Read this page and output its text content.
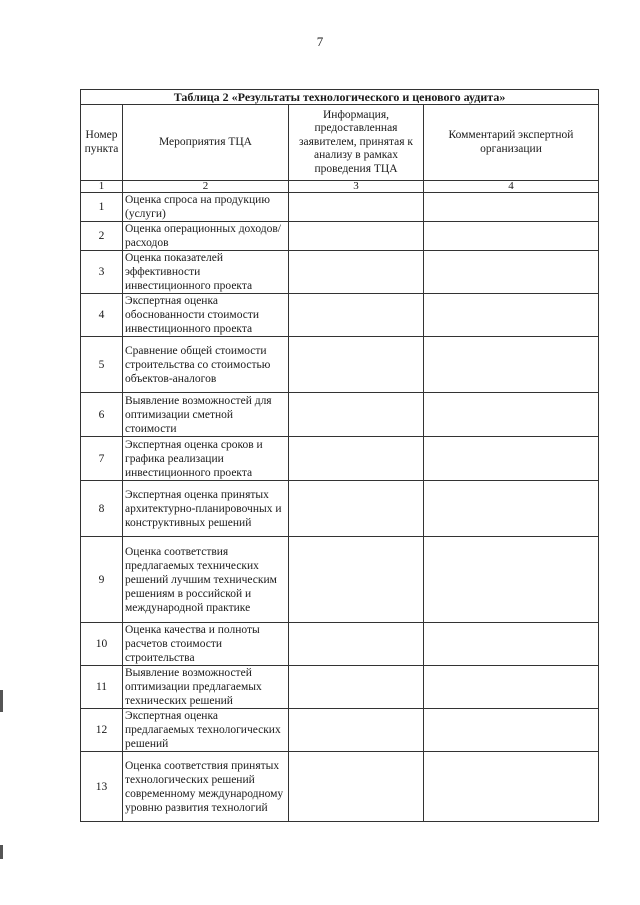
7
Таблица 2 «Результаты технологического и ценового аудита»			
Номер пункта	Мероприятия ТЦА	Информация, предоставленная заявителем, принятая к анализу в рамках проведения ТЦА	Комментарий экспертной организации
1	2	3	4
1	Оценка спроса на продукцию (услуги)		
2	Оценка операционных доходов/расходов		
3	Оценка показателей эффективности инвестиционного проекта		
4	Экспертная оценка обоснованности стоимости инвестиционного проекта		
5	Сравнение общей стоимости строительства со стоимостью объектов-аналогов		
6	Выявление возможностей для оптимизации сметной стоимости		
7	Экспертная оценка сроков и графика реализации инвестиционного проекта		
8	Экспертная оценка принятых архитектурно-планировочных и конструктивных решений		
9	Оценка соответствия предлагаемых технических решений лучшим техническим решениям в российской и международной практике		
10	Оценка качества и полноты расчетов стоимости строительства		
11	Выявление возможностей оптимизации предлагаемых технических решений		
12	Экспертная оценка предлагаемых технологических решений		
13	Оценка соответствия принятых технологических решений современному международному уровню развития технологий		
